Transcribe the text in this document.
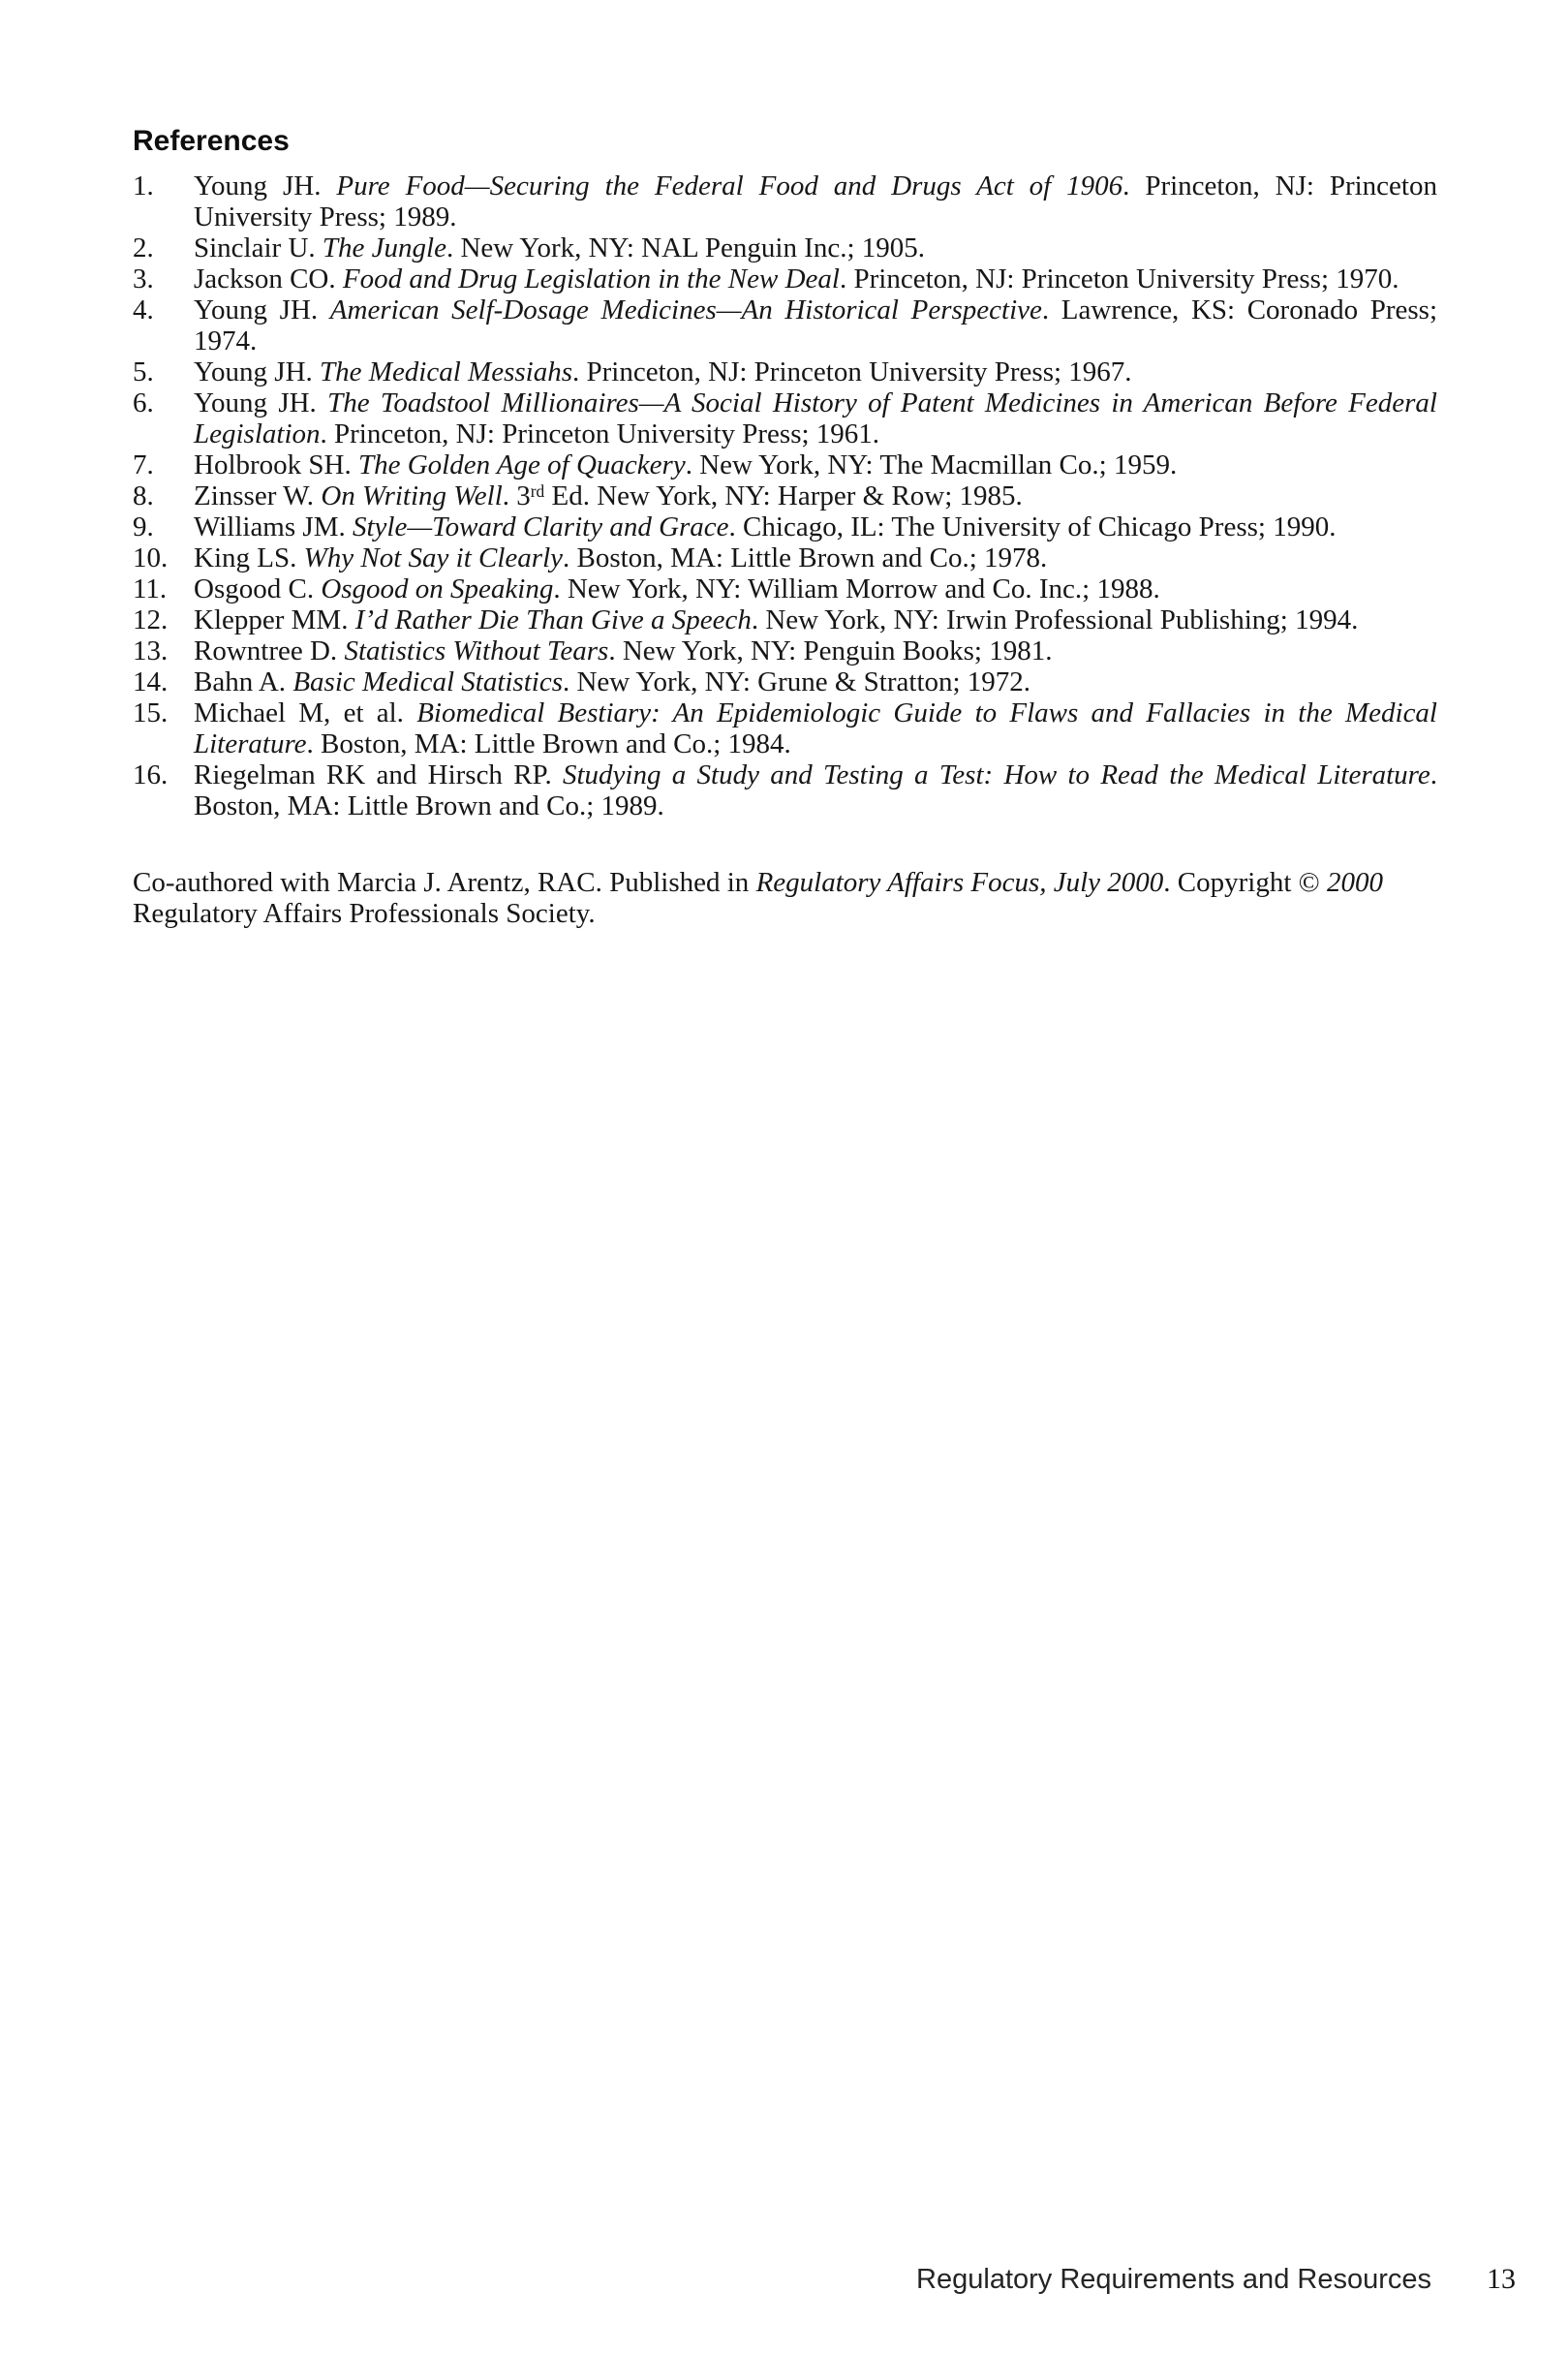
References
1.	Young JH. Pure Food—Securing the Federal Food and Drugs Act of 1906. Princeton, NJ: Princeton University Press; 1989.
2.	Sinclair U. The Jungle. New York, NY: NAL Penguin Inc.; 1905.
3.	Jackson CO. Food and Drug Legislation in the New Deal. Princeton, NJ: Princeton University Press; 1970.
4.	Young JH. American Self-Dosage Medicines—An Historical Perspective. Lawrence, KS: Coronado Press; 1974.
5.	Young JH. The Medical Messiahs. Princeton, NJ: Princeton University Press; 1967.
6.	Young JH. The Toadstool Millionaires—A Social History of Patent Medicines in American Before Federal Legislation. Princeton, NJ: Princeton University Press; 1961.
7.	Holbrook SH. The Golden Age of Quackery. New York, NY: The Macmillan Co.; 1959.
8.	Zinsser W. On Writing Well. 3rd Ed. New York, NY: Harper & Row; 1985.
9.	Williams JM. Style—Toward Clarity and Grace. Chicago, IL: The University of Chicago Press; 1990.
10. King LS. Why Not Say it Clearly. Boston, MA: Little Brown and Co.; 1978.
11. Osgood C. Osgood on Speaking. New York, NY: William Morrow and Co. Inc.; 1988.
12. Klepper MM. I’d Rather Die Than Give a Speech. New York, NY: Irwin Professional Publishing; 1994.
13. Rowntree D. Statistics Without Tears. New York, NY: Penguin Books; 1981.
14. Bahn A. Basic Medical Statistics. New York, NY: Grune & Stratton; 1972.
15. Michael M, et al. Biomedical Bestiary: An Epidemiologic Guide to Flaws and Fallacies in the Medical Literature. Boston, MA: Little Brown and Co.; 1984.
16. Riegelman RK and Hirsch RP. Studying a Study and Testing a Test: How to Read the Medical Literature. Boston, MA: Little Brown and Co.; 1989.

Co-authored with Marcia J. Arentz, RAC. Published in Regulatory Affairs Focus, July 2000. Copyright © 2000 Regulatory Affairs Professionals Society.

Regulatory Requirements and Resources 13
